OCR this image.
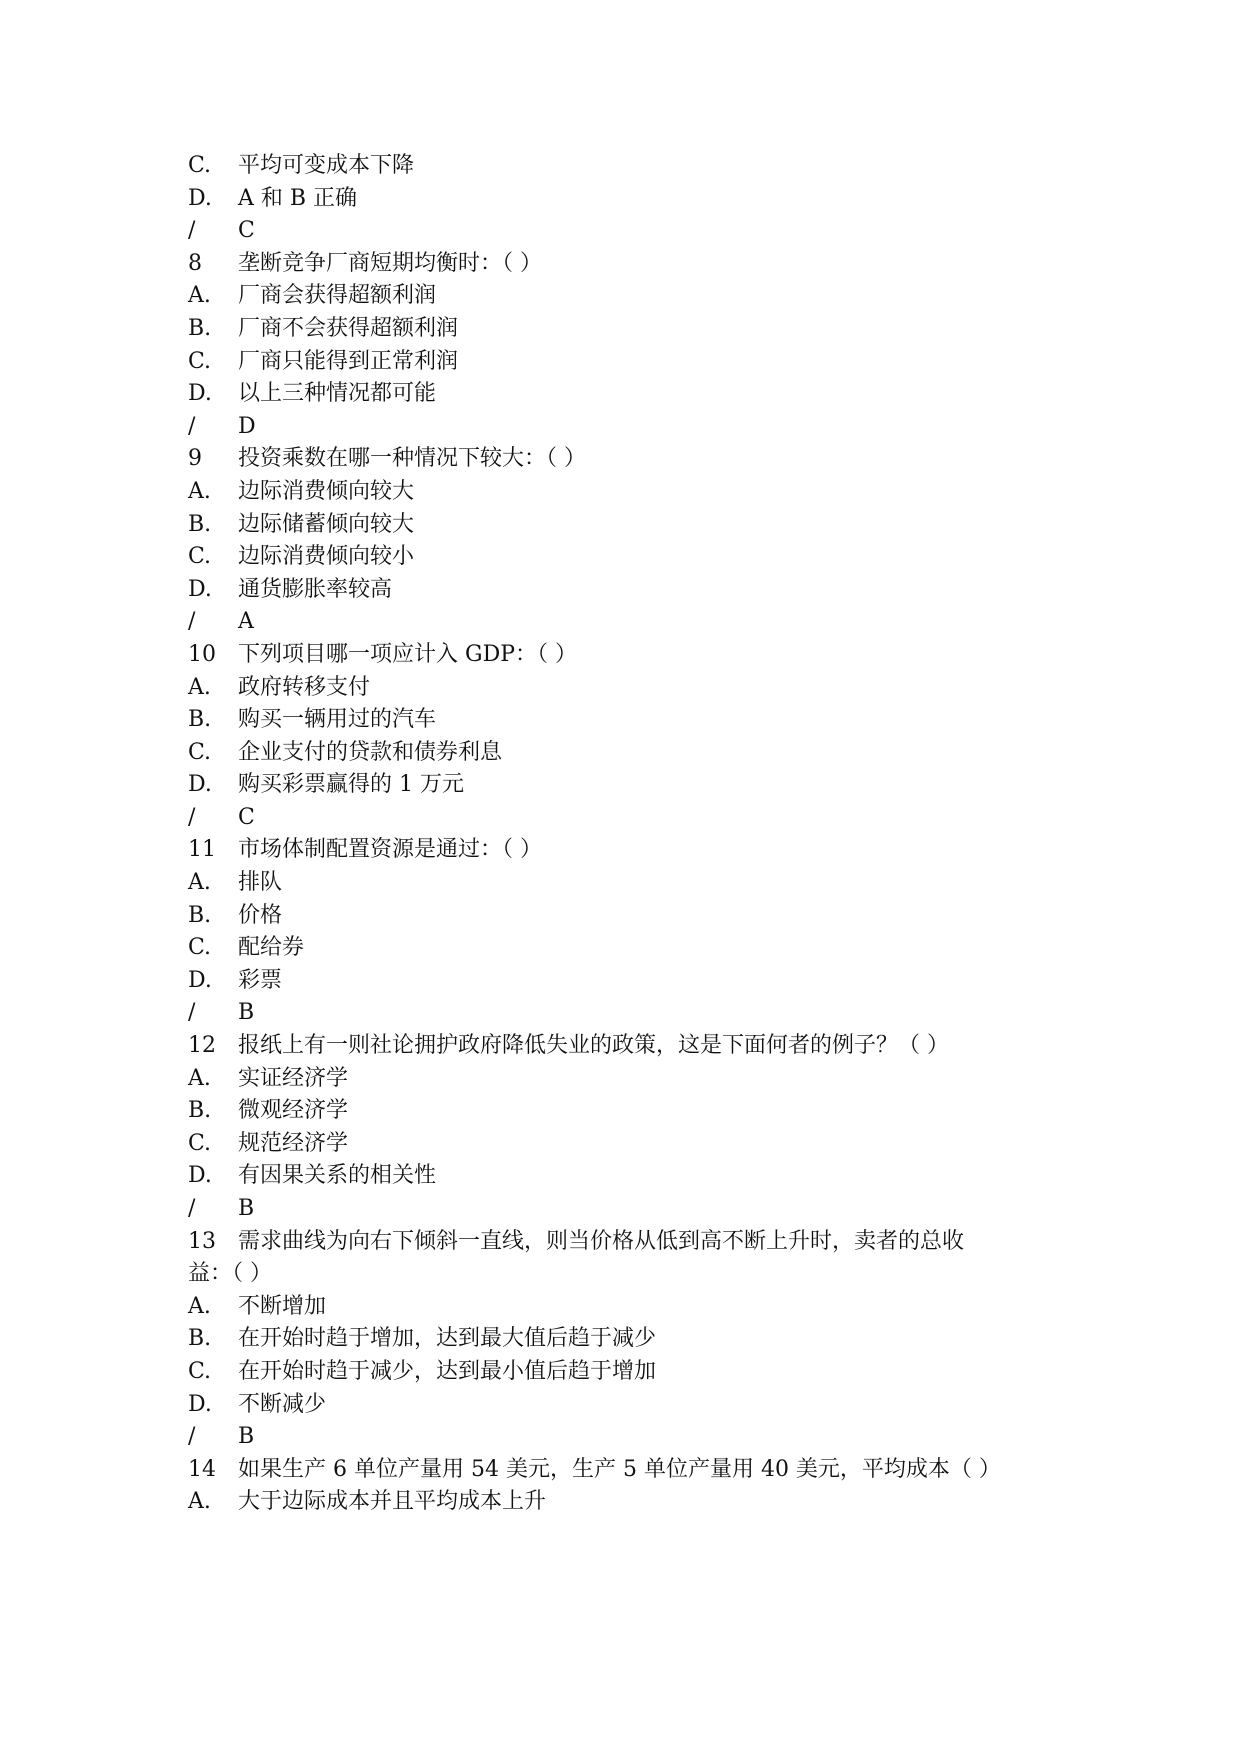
C.	平均可变成本下降
D.	A 和 B 正确
/	C
8	垄断竞争厂商短期均衡时：（ ）
A.	厂商会获得超额利润
B.	厂商不会获得超额利润
C.	厂商只能得到正常利润
D.	以上三种情况都可能
/	D
9	投资乘数在哪一种情况下较大：（ ）
A.	边际消费倾向较大
B.	边际储蓄倾向较大
C.	边际消费倾向较小
D.	通货膨胀率较高
/	A
10	下列项目哪一项应计入 GDP：（ ）
A.	政府转移支付
B.	购买一辆用过的汽车
C.	企业支付的贷款和债券利息
D.	购买彩票赢得的 1 万元
/	C
11	市场体制配置资源是通过：（ ）
A.	排队
B.	价格
C.	配给券
D.	彩票
/	B
12	报纸上有一则社论拥护政府降低失业的政策，这是下面何者的例子？（ ）
A.	实证经济学
B.	微观经济学
C.	规范经济学
D.	有因果关系的相关性
/	B
13	需求曲线为向右下倾斜一直线，则当价格从低到高不断上升时，卖者的总收
益：（ ）
A.	不断增加
B.	在开始时趋于增加，达到最大值后趋于减少
C.	在开始时趋于减少，达到最小值后趋于增加
D.	不断减少
/	B
14	如果生产 6 单位产量用 54 美元，生产 5 单位产量用 40 美元，平均成本（ ）
A.	大于边际成本并且平均成本上升
